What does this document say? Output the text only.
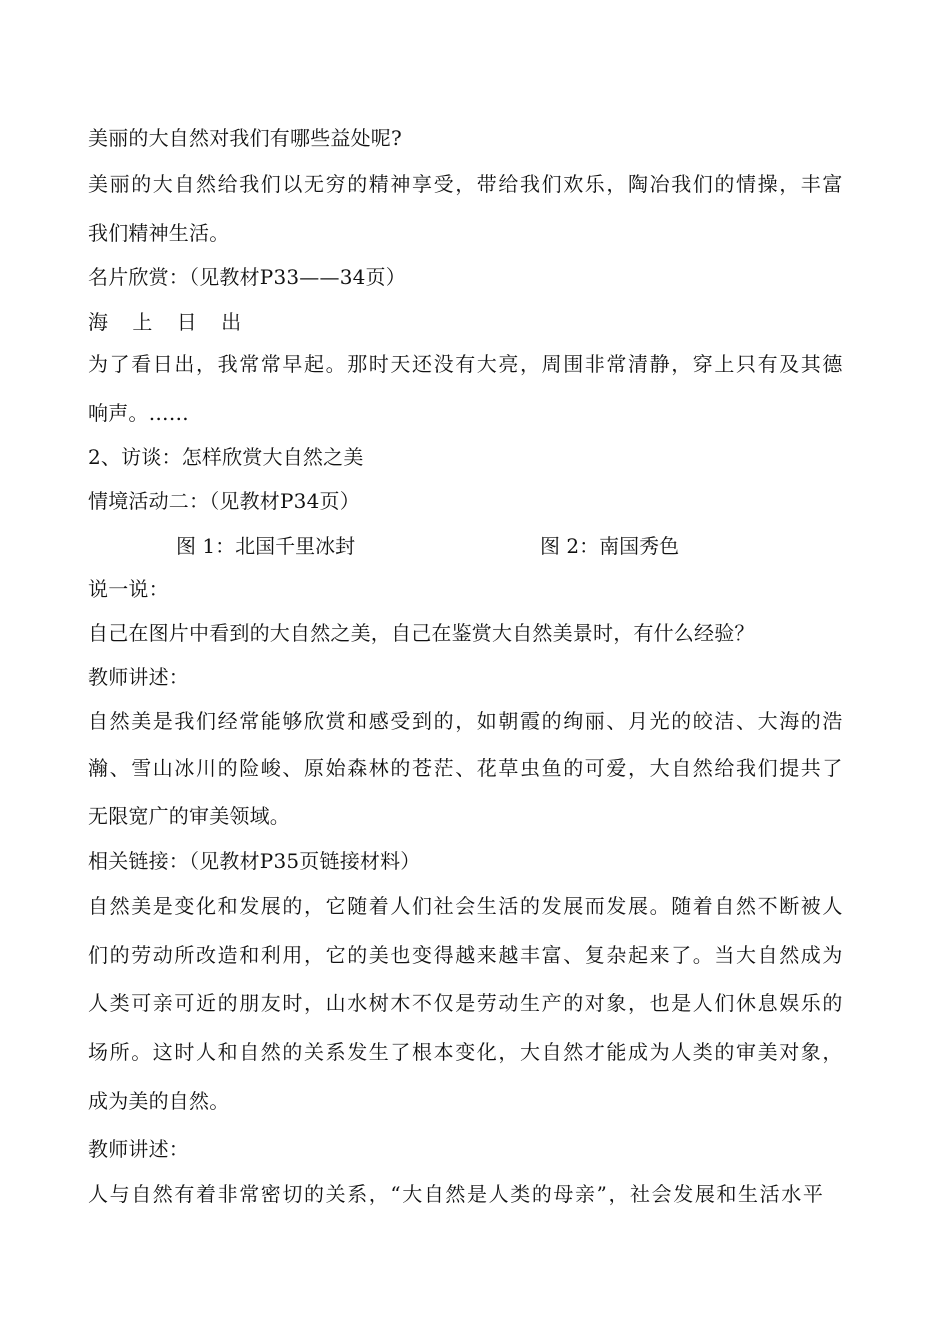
美丽的大自然对我们有哪些益处呢?
美丽的大自然给我们以无穷的精神享受，带给我们欢乐，陶冶我们的情操，丰富
我们精神生活。
名片欣赏：（见教材P33——34页）
海 上 日 出
为了看日出，我常常早起。那时天还没有大亮，周围非常清静，穿上只有及其德
响声。……
2、访谈：怎样欣赏大自然之美
情境活动二：（见教材P34页）
图 1：北国千里冰封	图 2：南国秀色
说一说：
自己在图片中看到的大自然之美，自己在鉴赏大自然美景时，有什么经验？
教师讲述：
自然美是我们经常能够欣赏和感受到的，如朝霞的绚丽、月光的皎洁、大海的浩
瀚、雪山冰川的险峻、原始森林的苍茫、花草虫鱼的可爱，大自然给我们提共了
无限宽广的审美领域。
相关链接：（见教材P35页链接材料）
自然美是变化和发展的，它随着人们社会生活的发展而发展。随着自然不断被人
们的劳动所改造和利用，它的美也变得越来越丰富、复杂起来了。当大自然成为
人类可亲可近的朋友时，山水树木不仅是劳动生产的对象，也是人们休息娱乐的
场所。这时人和自然的关系发生了根本变化，大自然才能成为人类的审美对象，
成为美的自然。
教师讲述：
人与自然有着非常密切的关系，“大自然是人类的母亲”，社会发展和生活水平
